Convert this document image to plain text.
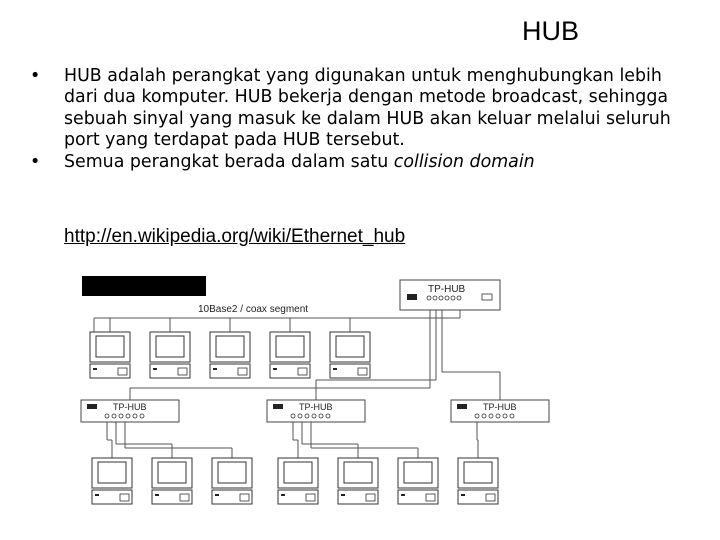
HUB
• HUB adalah perangkat yang digunakan untuk menghubungkan lebih dari dua komputer. HUB bekerja dengan metode broadcast, sehingga sebuah sinyal yang masuk ke dalam HUB akan keluar melalui seluruh port yang terdapat pada HUB tersebut.
• Semua perangkat berada dalam satu collision domain
http://en.wikipedia.org/wiki/Ethernet_hub
10Base2 / coax segment
TP-HUB
TP-HUB	TP-HUB	TP-HUB
